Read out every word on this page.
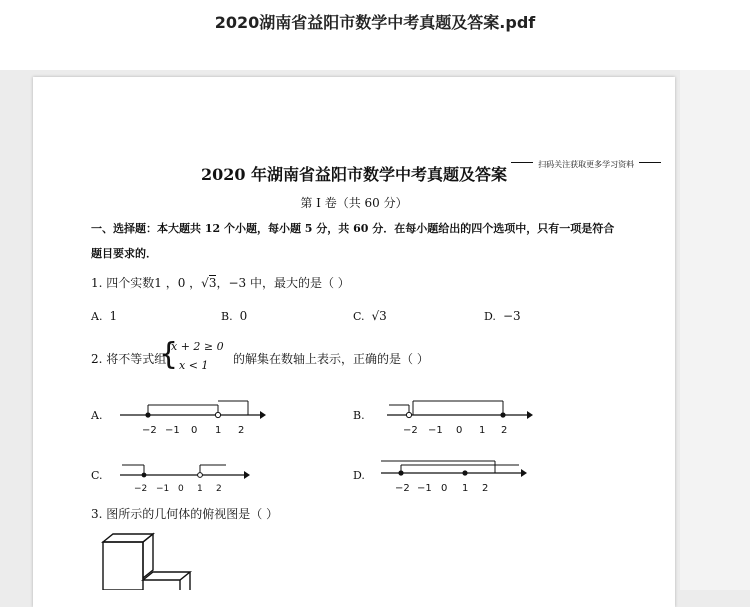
2020湖南省益阳市数学中考真题及答案.pdf
扫码关注获取更多学习资料
2020 年湖南省益阳市数学中考真题及答案
第 I 卷（共 60 分）
一、选择题：本大题共 12 个小题，每小题 5 分，共 60 分．在每小题给出的四个选项中，只有一项是符合
题目要求的．
1. 四个实数1 ，0 ，√3，−3 中，最大的是（ ）
A. 1	B. 0	C. √3	D. −3
2. 将不等式组
{
x + 2 ≥ 0
x < 1 的解集在数轴上表示，正确的是（ ）
A.
−2 −1 0 1 2
B.
−2 −1 0 1 2
C.
−2 −1 0 1 2
D.
−2 −1 0 1 2
3. 图所示的几何体的俯视图是（ ）
